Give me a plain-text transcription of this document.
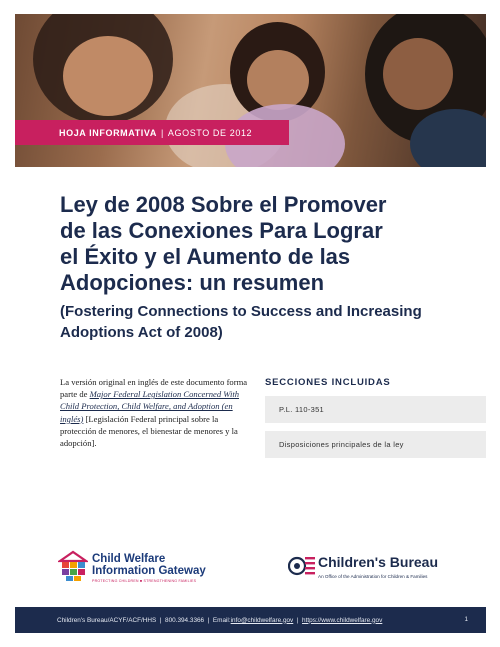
HOJA INFORMATIVA | AGOSTO DE 2012
Ley de 2008 Sobre el Promover
de las Conexiones Para Lograr
el Éxito y el Aumento de las
Adopciones: un resumen
(Fostering Connections to Success and Increasing
Adoptions Act of 2008)

La versión original en inglés de este documento forma parte de Major Federal Legislation Concerned With Child Protection, Child Welfare, and Adoption (en inglés) [Legislación Federal principal sobre la protección de menores, el bienestar de menores y la adopción].

SECCIONES INCLUIDAS
P.L. 110-351
Disposiciones principales de la ley
Child Welfare
Information Gateway
PROTECTING CHILDREN ■ STRENGTHENING FAMILIES
Children's Bureau
An Office of the Administration for Children & Families
Children's Bureau/ACYF/ACF/HHS | 800.394.3366 | Email: info@childwelfare.gov | https://www.childwelfare.gov	1
